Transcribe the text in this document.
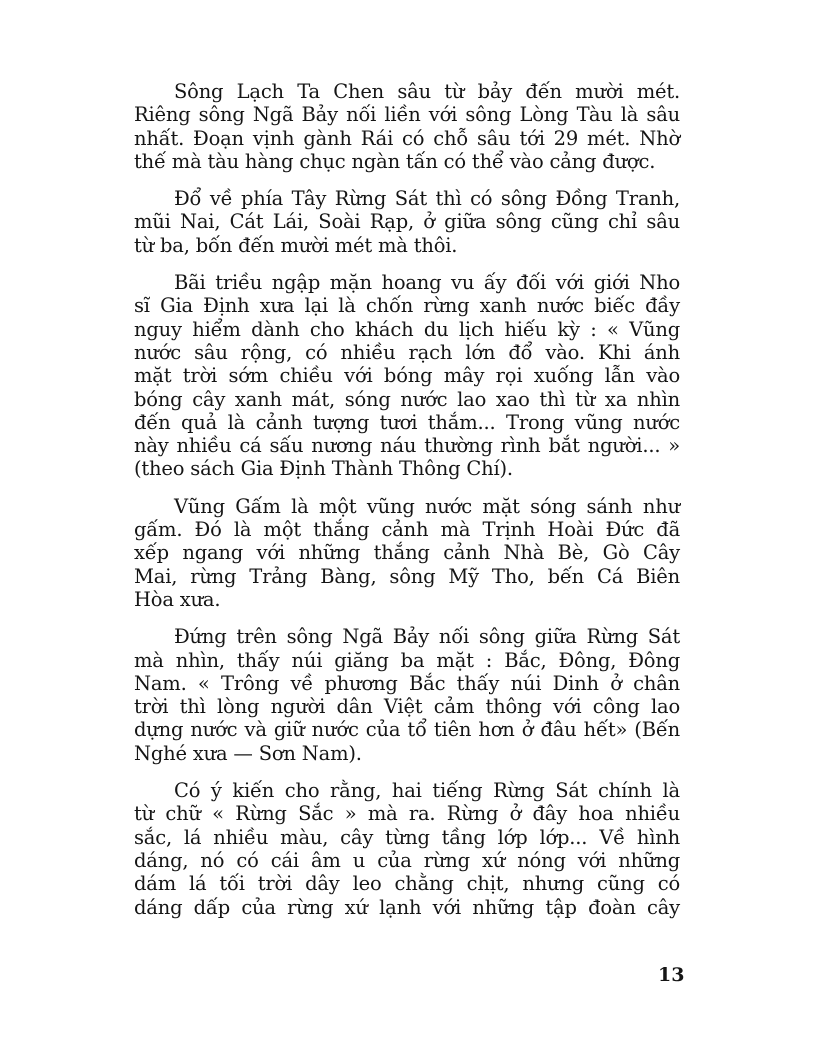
Sông Lạch Ta Chen sâu từ bảy đến mười mét.
Riêng sông Ngã Bảy nối liền với sông Lòng Tàu là sâu
nhất. Đoạn vịnh gành Rái có chỗ sâu tới 29 mét. Nhờ
thế mà tàu hàng chục ngàn tấn có thể vào cảng được.
Đổ về phía Tây Rừng Sát thì có sông Đồng Tranh,
mũi Nai, Cát Lái, Soài Rạp, ở giữa sông cũng chỉ sâu
từ ba, bốn đến mười mét mà thôi.
Bãi triều ngập mặn hoang vu ấy đối với giới Nho
sĩ Gia Định xưa lại là chốn rừng xanh nước biếc đầy
nguy hiểm dành cho khách du lịch hiếu kỳ : « Vũng
nước sâu rộng, có nhiều rạch lớn đổ vào. Khi ánh
mặt trời sớm chiều với bóng mây rọi xuống lẫn vào
bóng cây xanh mát, sóng nước lao xao thì từ xa nhìn
đến quả là cảnh tượng tươi thắm... Trong vũng nước
này nhiều cá sấu nương náu thường rình bắt người... »
(theo sách Gia Định Thành Thông Chí).
Vũng Gấm là một vũng nước mặt sóng sánh như
gấm. Đó là một thắng cảnh mà Trịnh Hoài Đức đã
xếp ngang với những thắng cảnh Nhà Bè, Gò Cây
Mai, rừng Trảng Bàng, sông Mỹ Tho, bến Cá Biên
Hòa xưa.
Đứng trên sông Ngã Bảy nối sông giữa Rừng Sát
mà nhìn, thấy núi giăng ba mặt : Bắc, Đông, Đông
Nam. « Trông về phương Bắc thấy núi Dinh ở chân
trời thì lòng người dân Việt cảm thông với công lao
dựng nước và giữ nước của tổ tiên hơn ở đâu hết» (Bến
Nghé xưa — Sơn Nam).
Có ý kiến cho rằng, hai tiếng Rừng Sát chính là
từ chữ « Rừng Sắc » mà ra. Rừng ở đây hoa nhiều
sắc, lá nhiều màu, cây từng tầng lớp lớp... Về hình
dáng, nó có cái âm u của rừng xứ nóng với những
dám lá tối trời dây leo chằng chịt, nhưng cũng có
dáng dấp của rừng xứ lạnh với những tập đoàn cây
13
